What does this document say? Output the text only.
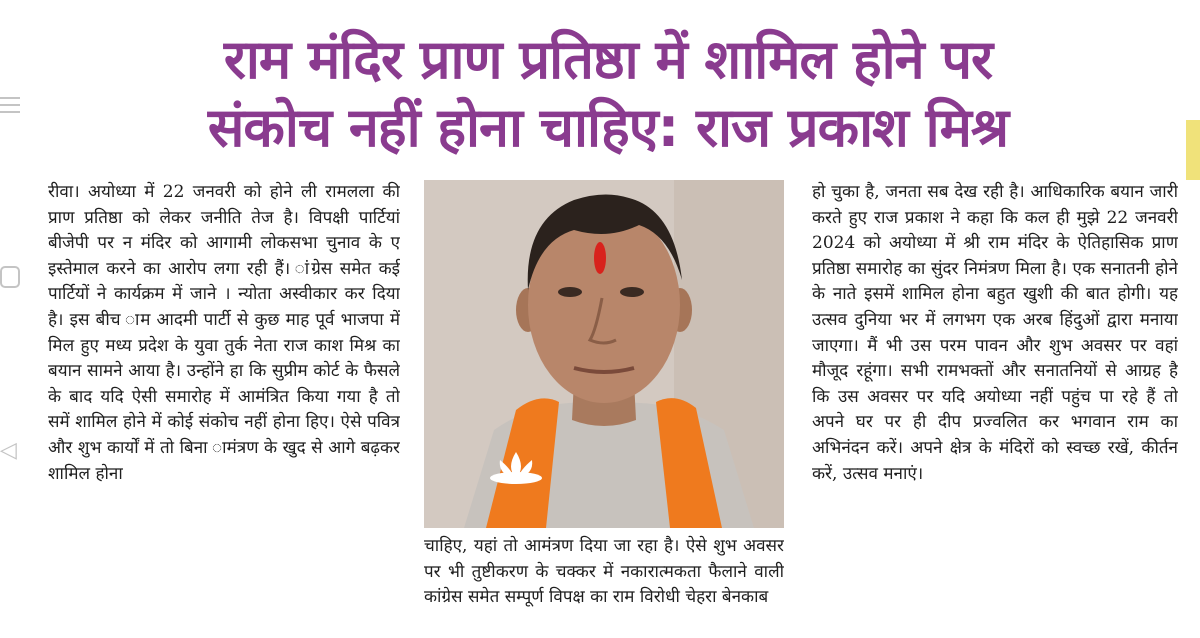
◁
राम मंदिर प्राण प्रतिष्ठा में शामिल होने पर
संकोच नहीं होना चाहिए: राज प्रकाश मिश्र
रीवा। अयोध्या में 22 जनवरी को होने ली रामलला की प्राण प्रतिष्ठा को लेकर जनीति तेज है। विपक्षी पार्टियां बीजेपी पर न मंदिर को आगामी लोकसभा चुनाव के ए इस्तेमाल करने का आरोप लगा रही हैं। ांग्रेस समेत कई पार्टियों ने कार्यक्रम में जाने । न्योता अस्वीकार कर दिया है। इस बीच ाम आदमी पार्टी से कुछ माह पूर्व भाजपा में मिल हुए मध्य प्रदेश के युवा तुर्क नेता राज काश मिश्र का बयान सामने आया है। उन्होंने हा कि सुप्रीम कोर्ट के फैसले के बाद यदि ऐसी समारोह में आमंत्रित किया गया है तो समें शामिल होने में कोई संकोच नहीं होना हिए। ऐसे पवित्र और शुभ कार्यों में तो बिना ामंत्रण के खुद से आगे बढ़कर शामिल होना
चाहिए, यहां तो आमंत्रण दिया जा रहा है। ऐसे शुभ अवसर पर भी तुष्टीकरण के चक्कर में नकारात्मकता फैलाने वाली कांग्रेस समेत सम्पूर्ण विपक्ष का राम विरोधी चेहरा बेनकाब
हो चुका है, जनता सब देख रही है। आधिकारिक बयान जारी करते हुए राज प्रकाश ने कहा कि कल ही मुझे 22 जनवरी 2024 को अयोध्या में श्री राम मंदिर के ऐतिहासिक प्राण प्रतिष्ठा समारोह का सुंदर निमंत्रण मिला है। एक सनातनी होने के नाते इसमें शामिल होना बहुत खुशी की बात होगी। यह उत्सव दुनिया भर में लगभग एक अरब हिंदुओं द्वारा मनाया जाएगा। मैं भी उस परम पावन और शुभ अवसर पर वहां मौजूद रहूंगा। सभी रामभक्तों और सनातनियों से आग्रह है कि उस अवसर पर यदि अयोध्या नहीं पहुंच पा रहे हैं तो अपने घर पर ही दीप प्रज्वलित कर भगवान राम का अभिनंदन करें। अपने क्षेत्र के मंदिरों को स्वच्छ रखें, कीर्तन करें, उत्सव मनाएं।
